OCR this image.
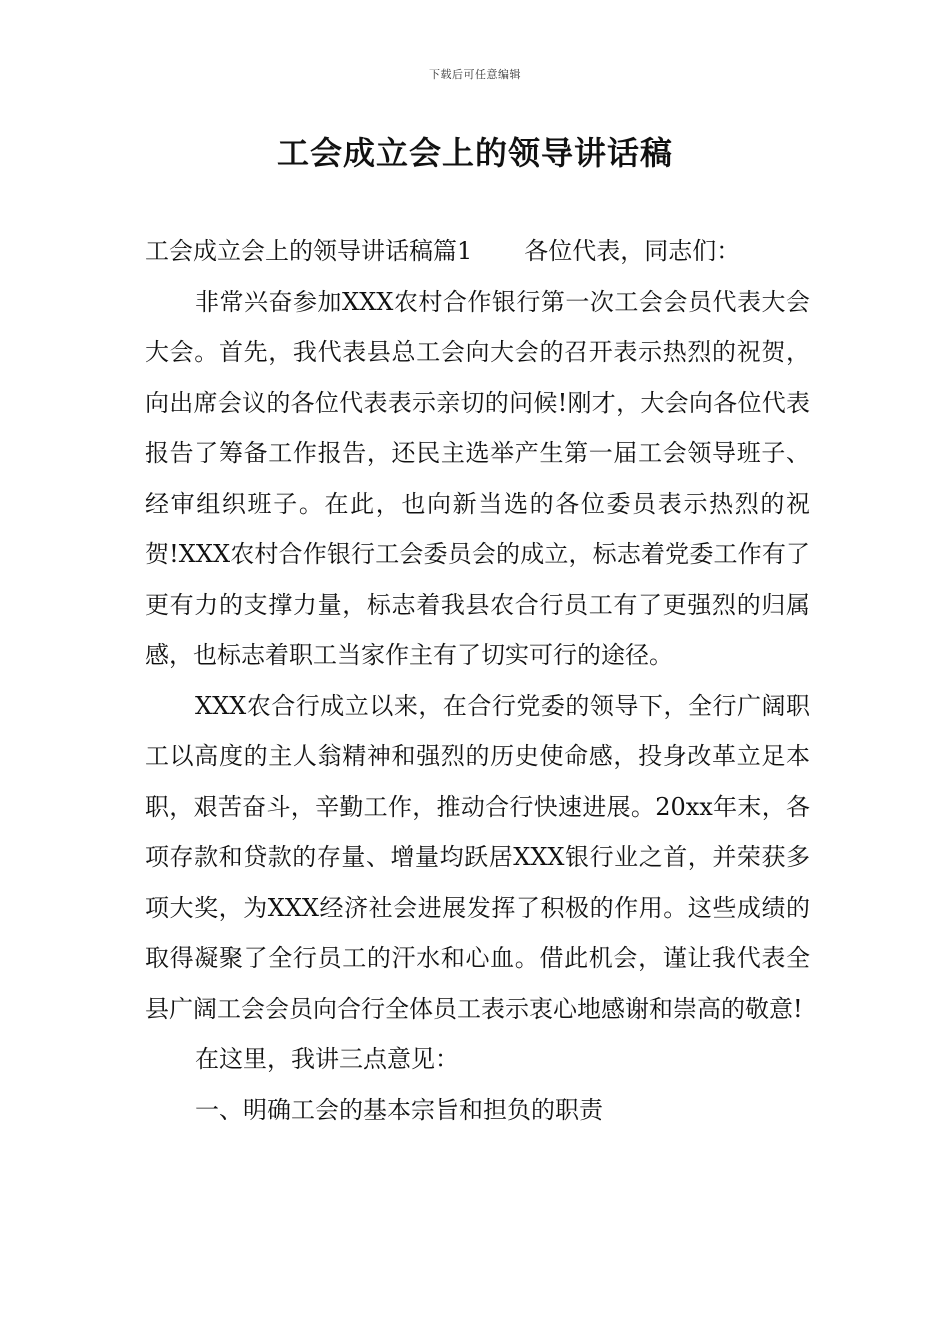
下载后可任意编辑
工会成立会上的领导讲话稿

工会成立会上的领导讲话稿篇1 各位代表，同志们：

非常兴奋参加XXX农村合作银行第一次工会会员代表大会大会。首先，我代表县总工会向大会的召开表示热烈的祝贺，向出席会议的各位代表表示亲切的问候!刚才，大会向各位代表报告了筹备工作报告，还民主选举产生第一届工会领导班子、经审组织班子。在此，也向新当选的各位委员表示热烈的祝贺!XXX农村合作银行工会委员会的成立，标志着党委工作有了更有力的支撑力量，标志着我县农合行员工有了更强烈的归属感，也标志着职工当家作主有了切实可行的途径。

XXX农合行成立以来，在合行党委的领导下，全行广阔职工以高度的主人翁精神和强烈的历史使命感，投身改革立足本职，艰苦奋斗，辛勤工作，推动合行快速进展。20xx年末，各项存款和贷款的存量、增量均跃居XXX银行业之首，并荣获多项大奖，为XXX经济社会进展发挥了积极的作用。这些成绩的取得凝聚了全行员工的汗水和心血。借此机会，谨让我代表全县广阔工会会员向合行全体员工表示衷心地感谢和崇高的敬意!

在这里，我讲三点意见：

一、明确工会的基本宗旨和担负的职责
